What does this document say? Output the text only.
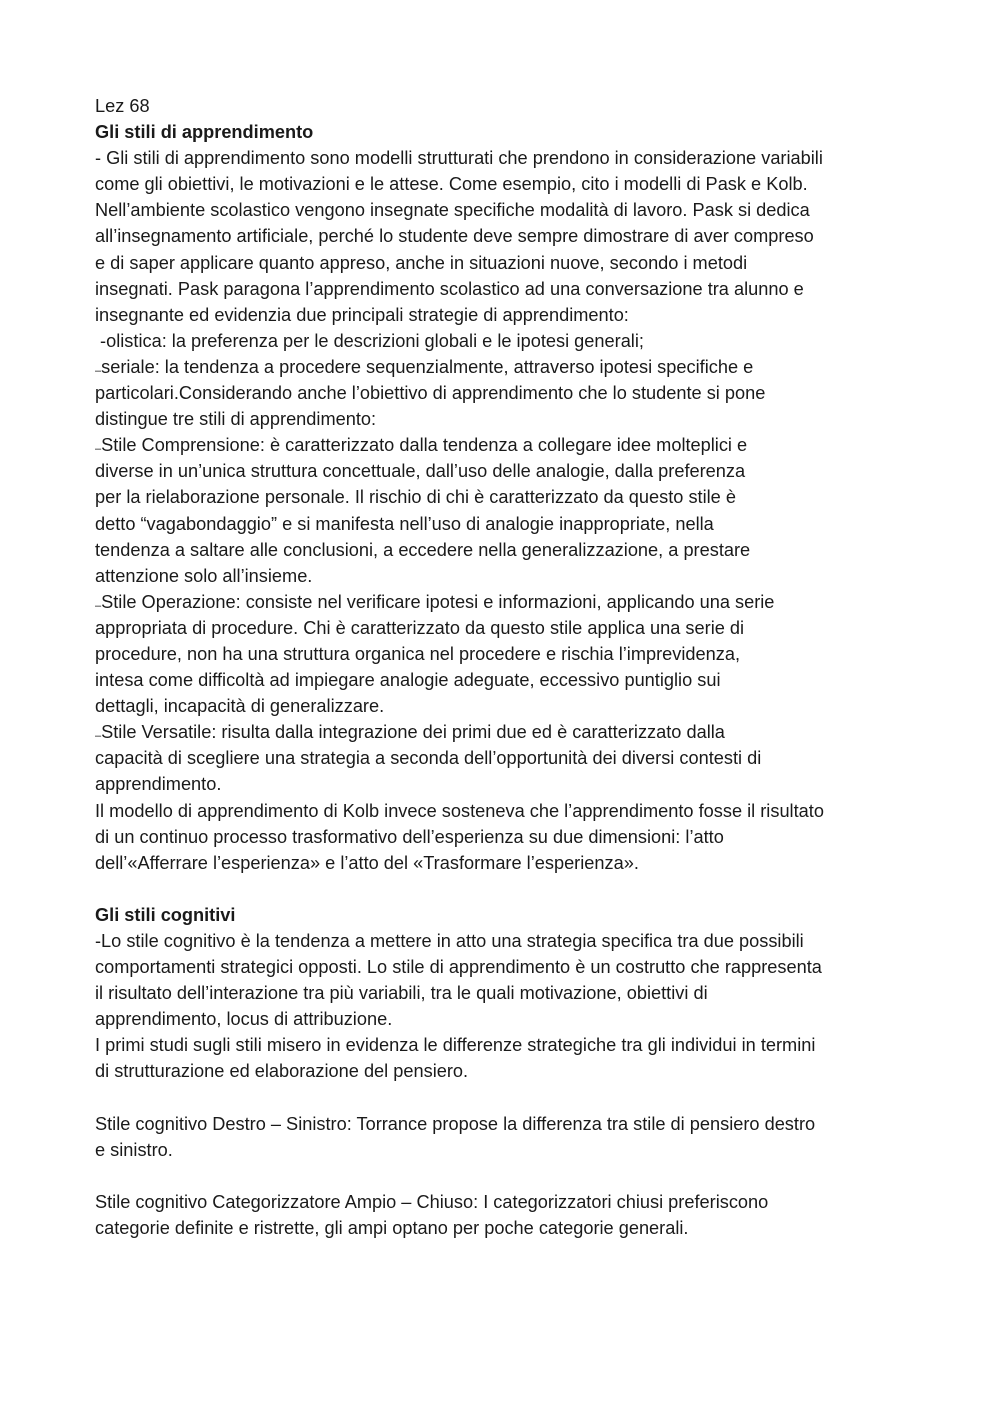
Lez 68
Gli stili di apprendimento
- Gli stili di apprendimento sono modelli strutturati che prendono in considerazione variabili
come gli obiettivi, le motivazioni e le attese. Come esempio, cito i modelli di Pask e Kolb.
Nell’ambiente scolastico vengono insegnate specifiche modalità di lavoro. Pask si dedica
all’insegnamento artificiale, perché lo studente deve sempre dimostrare di aver compreso
e di saper applicare quanto appreso, anche in situazioni nuove, secondo i metodi
insegnati. Pask paragona l’apprendimento scolastico ad una conversazione tra alunno e
insegnante ed evidenzia due principali strategie di apprendimento:
-olistica: la preferenza per le descrizioni globali e le ipotesi generali;
–seriale: la tendenza a procedere sequenzialmente, attraverso ipotesi specifiche e
particolari.Considerando anche l’obiettivo di apprendimento che lo studente si pone
distingue tre stili di apprendimento:
–Stile Comprensione: è caratterizzato dalla tendenza a collegare idee molteplici e
diverse in un’unica struttura concettuale, dall’uso delle analogie, dalla preferenza
per la rielaborazione personale. Il rischio di chi è caratterizzato da questo stile è
detto “vagabondaggio” e si manifesta nell’uso di analogie inappropriate, nella
tendenza a saltare alle conclusioni, a eccedere nella generalizzazione, a prestare
attenzione solo all’insieme.
–Stile Operazione: consiste nel verificare ipotesi e informazioni, applicando una serie
appropriata di procedure. Chi è caratterizzato da questo stile applica una serie di
procedure, non ha una struttura organica nel procedere e rischia l’imprevidenza,
intesa come difficoltà ad impiegare analogie adeguate, eccessivo puntiglio sui
dettagli, incapacità di generalizzare.
–Stile Versatile: risulta dalla integrazione dei primi due ed è caratterizzato dalla
capacità di scegliere una strategia a seconda dell’opportunità dei diversi contesti di
apprendimento.
Il modello di apprendimento di Kolb invece sosteneva che l’apprendimento fosse il risultato
di un continuo processo trasformativo dell’esperienza su due dimensioni: l’atto
dell’«Afferrare l’esperienza» e l’atto del «Trasformare l’esperienza».
Gli stili cognitivi
-Lo stile cognitivo è la tendenza a mettere in atto una strategia specifica tra due possibili
comportamenti strategici opposti. Lo stile di apprendimento è un costrutto che rappresenta
il risultato dell’interazione tra più variabili, tra le quali motivazione, obiettivi di
apprendimento, locus di attribuzione.
I primi studi sugli stili misero in evidenza le differenze strategiche tra gli individui in termini
di strutturazione ed elaborazione del pensiero.
Stile cognitivo Destro – Sinistro: Torrance propose la differenza tra stile di pensiero destro
e sinistro.
Stile cognitivo Categorizzatore Ampio – Chiuso: I categorizzatori chiusi preferiscono
categorie definite e ristrette, gli ampi optano per poche categorie generali.
